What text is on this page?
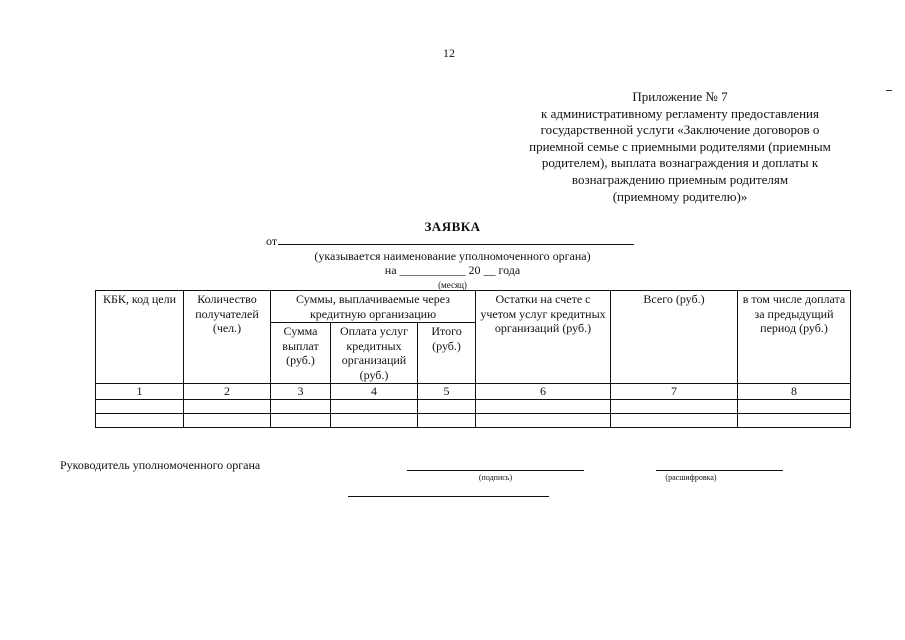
12
Приложение № 7
к административному регламенту предоставления
государственной услуги «Заключение договоров о
приемной семье с приемными родителями (приемным
родителем), выплата вознаграждения и доплаты к
вознаграждению приемным родителям
(приемному родителю)»
ЗАЯВКА
от
(указывается наименование уполномоченного органа)
на ___________ 20 __ года
(месяц)
КБК, код цели	Количество получателей (чел.)	Суммы, выплачиваемые через кредитную организацию			Остатки на счете с учетом услуг кредитных организаций (руб.)	Всего (руб.)	в том числе доплата за предыдущий период (руб.)
		Сумма выплат (руб.)	Оплата услуг кредитных организаций (руб.)	Итого (руб.)			
1	2	3	4	5	6	7	8

Руководитель уполномоченного органа
(подпись)	(расшифровка)
